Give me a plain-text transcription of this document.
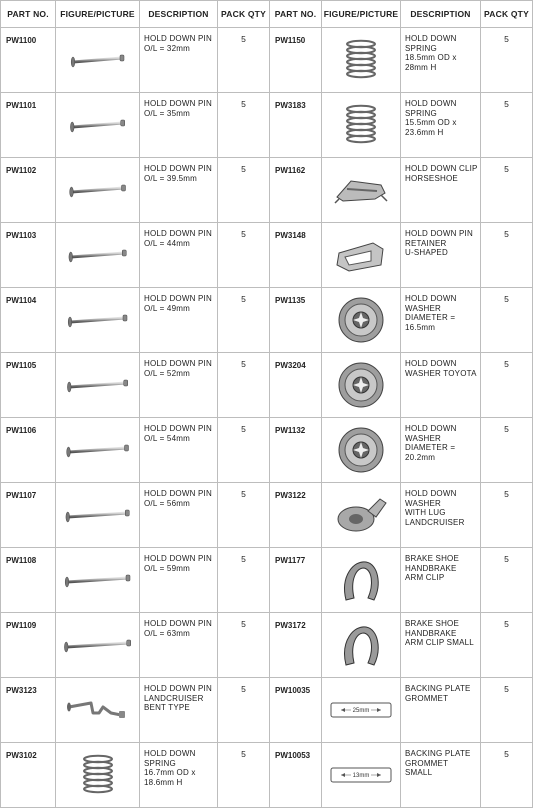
PART NO.	FIGURE/PICTURE	DESCRIPTION	PACK QTY	PART NO.	FIGURE/PICTURE	DESCRIPTION	PACK QTY
PW1100		HOLD DOWN PIN
O/L = 32mm	5	PW1150		HOLD DOWN
SPRING
18.5mm OD x
28mm H	5
PW1101		HOLD DOWN PIN
O/L = 35mm	5	PW3183		HOLD DOWN
SPRING
15.5mm OD x
23.6mm H	5
PW1102		HOLD DOWN PIN
O/L = 39.5mm	5	PW1162		HOLD DOWN CLIP
HORSESHOE	5
PW1103		HOLD DOWN PIN
O/L = 44mm	5	PW3148		HOLD DOWN PIN
RETAINER
U-SHAPED	5
PW1104		HOLD DOWN PIN
O/L = 49mm	5	PW1135		HOLD DOWN
WASHER
DIAMETER =
16.5mm	5
PW1105		HOLD DOWN PIN
O/L = 52mm	5	PW3204		HOLD DOWN
WASHER TOYOTA	5
PW1106		HOLD DOWN PIN
O/L = 54mm	5	PW1132		HOLD DOWN
WASHER
DIAMETER =
20.2mm	5
PW1107		HOLD DOWN PIN
O/L = 56mm	5	PW3122		HOLD DOWN
WASHER
WITH LUG
LANDCRUISER	5
PW1108		HOLD DOWN PIN
O/L = 59mm	5	PW1177		BRAKE SHOE
HANDBRAKE
ARM CLIP	5
PW1109		HOLD DOWN PIN
O/L = 63mm	5	PW3172		BRAKE SHOE
HANDBRAKE
ARM CLIP SMALL	5
PW3123		HOLD DOWN PIN
LANDCRUISER
BENT TYPE	5	PW10035	25mm	BACKING PLATE
GROMMET	5
PW3102		HOLD DOWN
SPRING
16.7mm OD x
18.6mm H	5	PW10053	13mm	BACKING PLATE
GROMMET
SMALL	5
